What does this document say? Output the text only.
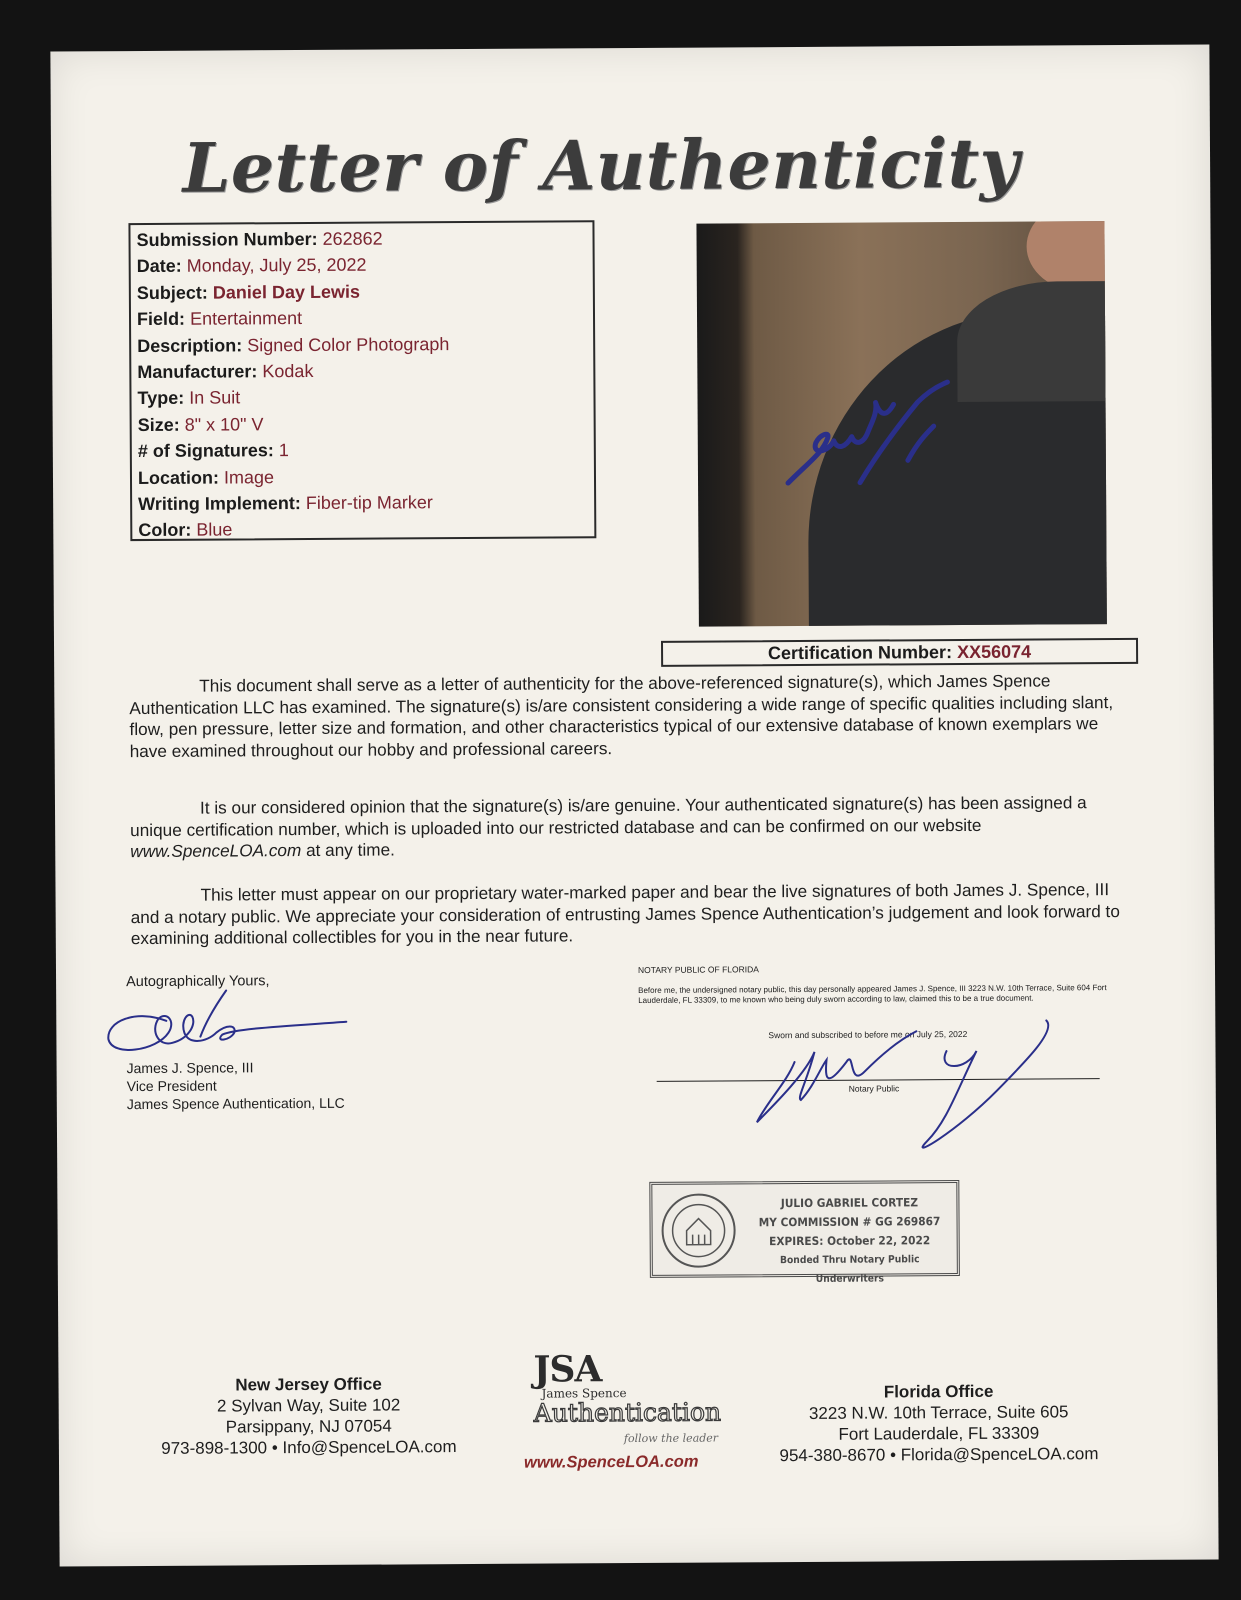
Letter of Authenticity
Submission Number: 262862
Date: Monday, July 25, 2022
Subject: Daniel Day Lewis
Field: Entertainment
Description: Signed Color Photograph
Manufacturer: Kodak
Type: In Suit
Size: 8" x 10" V
# of Signatures: 1
Location: Image
Writing Implement: Fiber-tip Marker
Color: Blue
Certification Number: XX56074
This document shall serve as a letter of authenticity for the above-referenced signature(s), which James Spence Authentication LLC has examined. The signature(s) is/are consistent considering a wide range of specific qualities including slant, flow, pen pressure, letter size and formation, and other characteristics typical of our extensive database of known exemplars we have examined throughout our hobby and professional careers.
It is our considered opinion that the signature(s) is/are genuine. Your authenticated signature(s) has been assigned a unique certification number, which is uploaded into our restricted database and can be confirmed on our website www.SpenceLOA.com at any time.
This letter must appear on our proprietary water-marked paper and bear the live signatures of both James J. Spence, III and a notary public. We appreciate your consideration of entrusting James Spence Authentication’s judgement and look forward to examining additional collectibles for you in the near future.
Autographically Yours,
James J. Spence, III
Vice President
James Spence Authentication, LLC
NOTARY PUBLIC OF FLORIDA
Before me, the undersigned notary public, this day personally appeared James J. Spence, III 3223 N.W. 10th Terrace, Suite 604 Fort Lauderdale, FL 33309, to me known who being duly sworn according to law, claimed this to be a true document.
Sworn and subscribed to before me on July 25, 2022
Notary Public
JULIO GABRIEL CORTEZ
MY COMMISSION # GG 269867
EXPIRES: October 22, 2022
Bonded Thru Notary Public Underwriters
New Jersey Office
2 Sylvan Way, Suite 102
Parsippany, NJ 07054
973-898-1300 • Info@SpenceLOA.com
JSA
James Spence
Authentication
follow the leader
www.SpenceLOA.com
Florida Office
3223 N.W. 10th Terrace, Suite 605
Fort Lauderdale, FL 33309
954-380-8670 • Florida@SpenceLOA.com
